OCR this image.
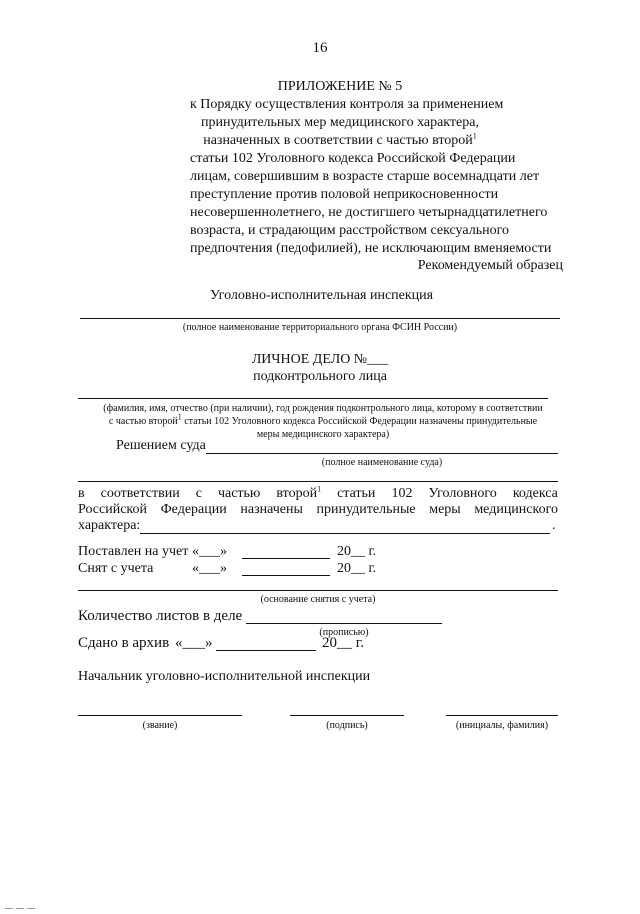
16
ПРИЛОЖЕНИЕ № 5
к Порядку осуществления контроля за применением
принудительных мер медицинского характера,
назначенных в соответствии с частью второй$^1$
статьи 102 Уголовного кодекса Российской Федерации
лицам, совершившим в возрасте старше восемнадцати лет
преступление против половой неприкосновенности
несовершеннолетнего, не достигшего четырнадцатилетнего
возраста, и страдающим расстройством сексуального
предпочтения (педофилией), не исключающим вменяемости
Рекомендуемый образец
Уголовно-исполнительная инспекция
(полное наименование территориального органа ФСИН России)
ЛИЧНОЕ ДЕЛО №___
подконтрольного лица
(фамилия, имя, отчество (при наличии), год рождения подконтрольного лица, которому в соответствии
с частью второй$^1$ статьи 102 Уголовного кодекса Российской Федерации назначены принудительные
меры медицинского характера)
Решением суда
(полное наименование суда)
в соответствии с частью второй$^1$ статьи 102 Уголовного кодекса
Российской Федерации назначены принудительные меры медицинского
характера:	.
Поставлен на учет «___»	20__ г.
Снят с учета	«___»	20__ г.
(основание снятия с учета)
Количество листов в деле
(прописью)
Сдано в архив «___»	20__ г.
Начальник уголовно-исполнительной инспекции
(звание)	(подпись)	(инициалы, фамилия)
